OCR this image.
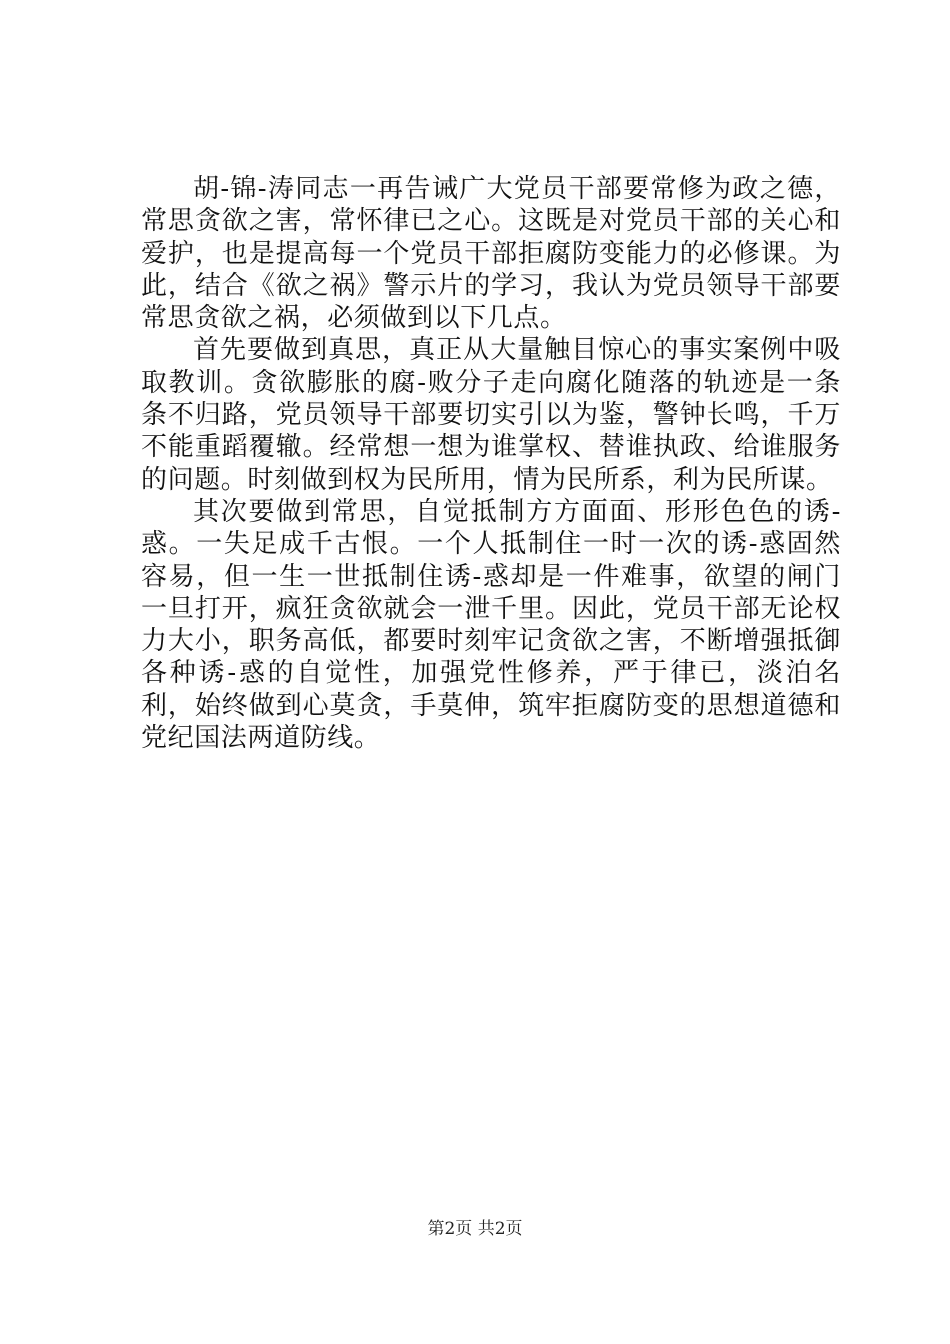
胡-锦-涛同志一再告诫广大党员干部要常修为政之德，常思贪欲之害，常怀律已之心。这既是对党员干部的关心和爱护，也是提高每一个党员干部拒腐防变能力的必修课。为此，结合《欲之祸》警示片的学习，我认为党员领导干部要常思贪欲之祸，必须做到以下几点。

首先要做到真思，真正从大量触目惊心的事实案例中吸取教训。贪欲膨胀的腐-败分子走向腐化随落的轨迹是一条条不归路，党员领导干部要切实引以为鉴，警钟长鸣，千万不能重蹈覆辙。经常想一想为谁掌权、替谁执政、给谁服务的问题。时刻做到权为民所用，情为民所系，利为民所谋。

其次要做到常思，自觉抵制方方面面、形形色色的诱-惑。一失足成千古恨。一个人抵制住一时一次的诱-惑固然容易，但一生一世抵制住诱-惑却是一件难事，欲望的闸门一旦打开，疯狂贪欲就会一泄千里。因此，党员干部无论权力大小，职务高低，都要时刻牢记贪欲之害，不断增强抵御各种诱-惑的自觉性，加强党性修养，严于律已，淡泊名利，始终做到心莫贪，手莫伸，筑牢拒腐防变的思想道德和党纪国法两道防线。

第2页 共2页
